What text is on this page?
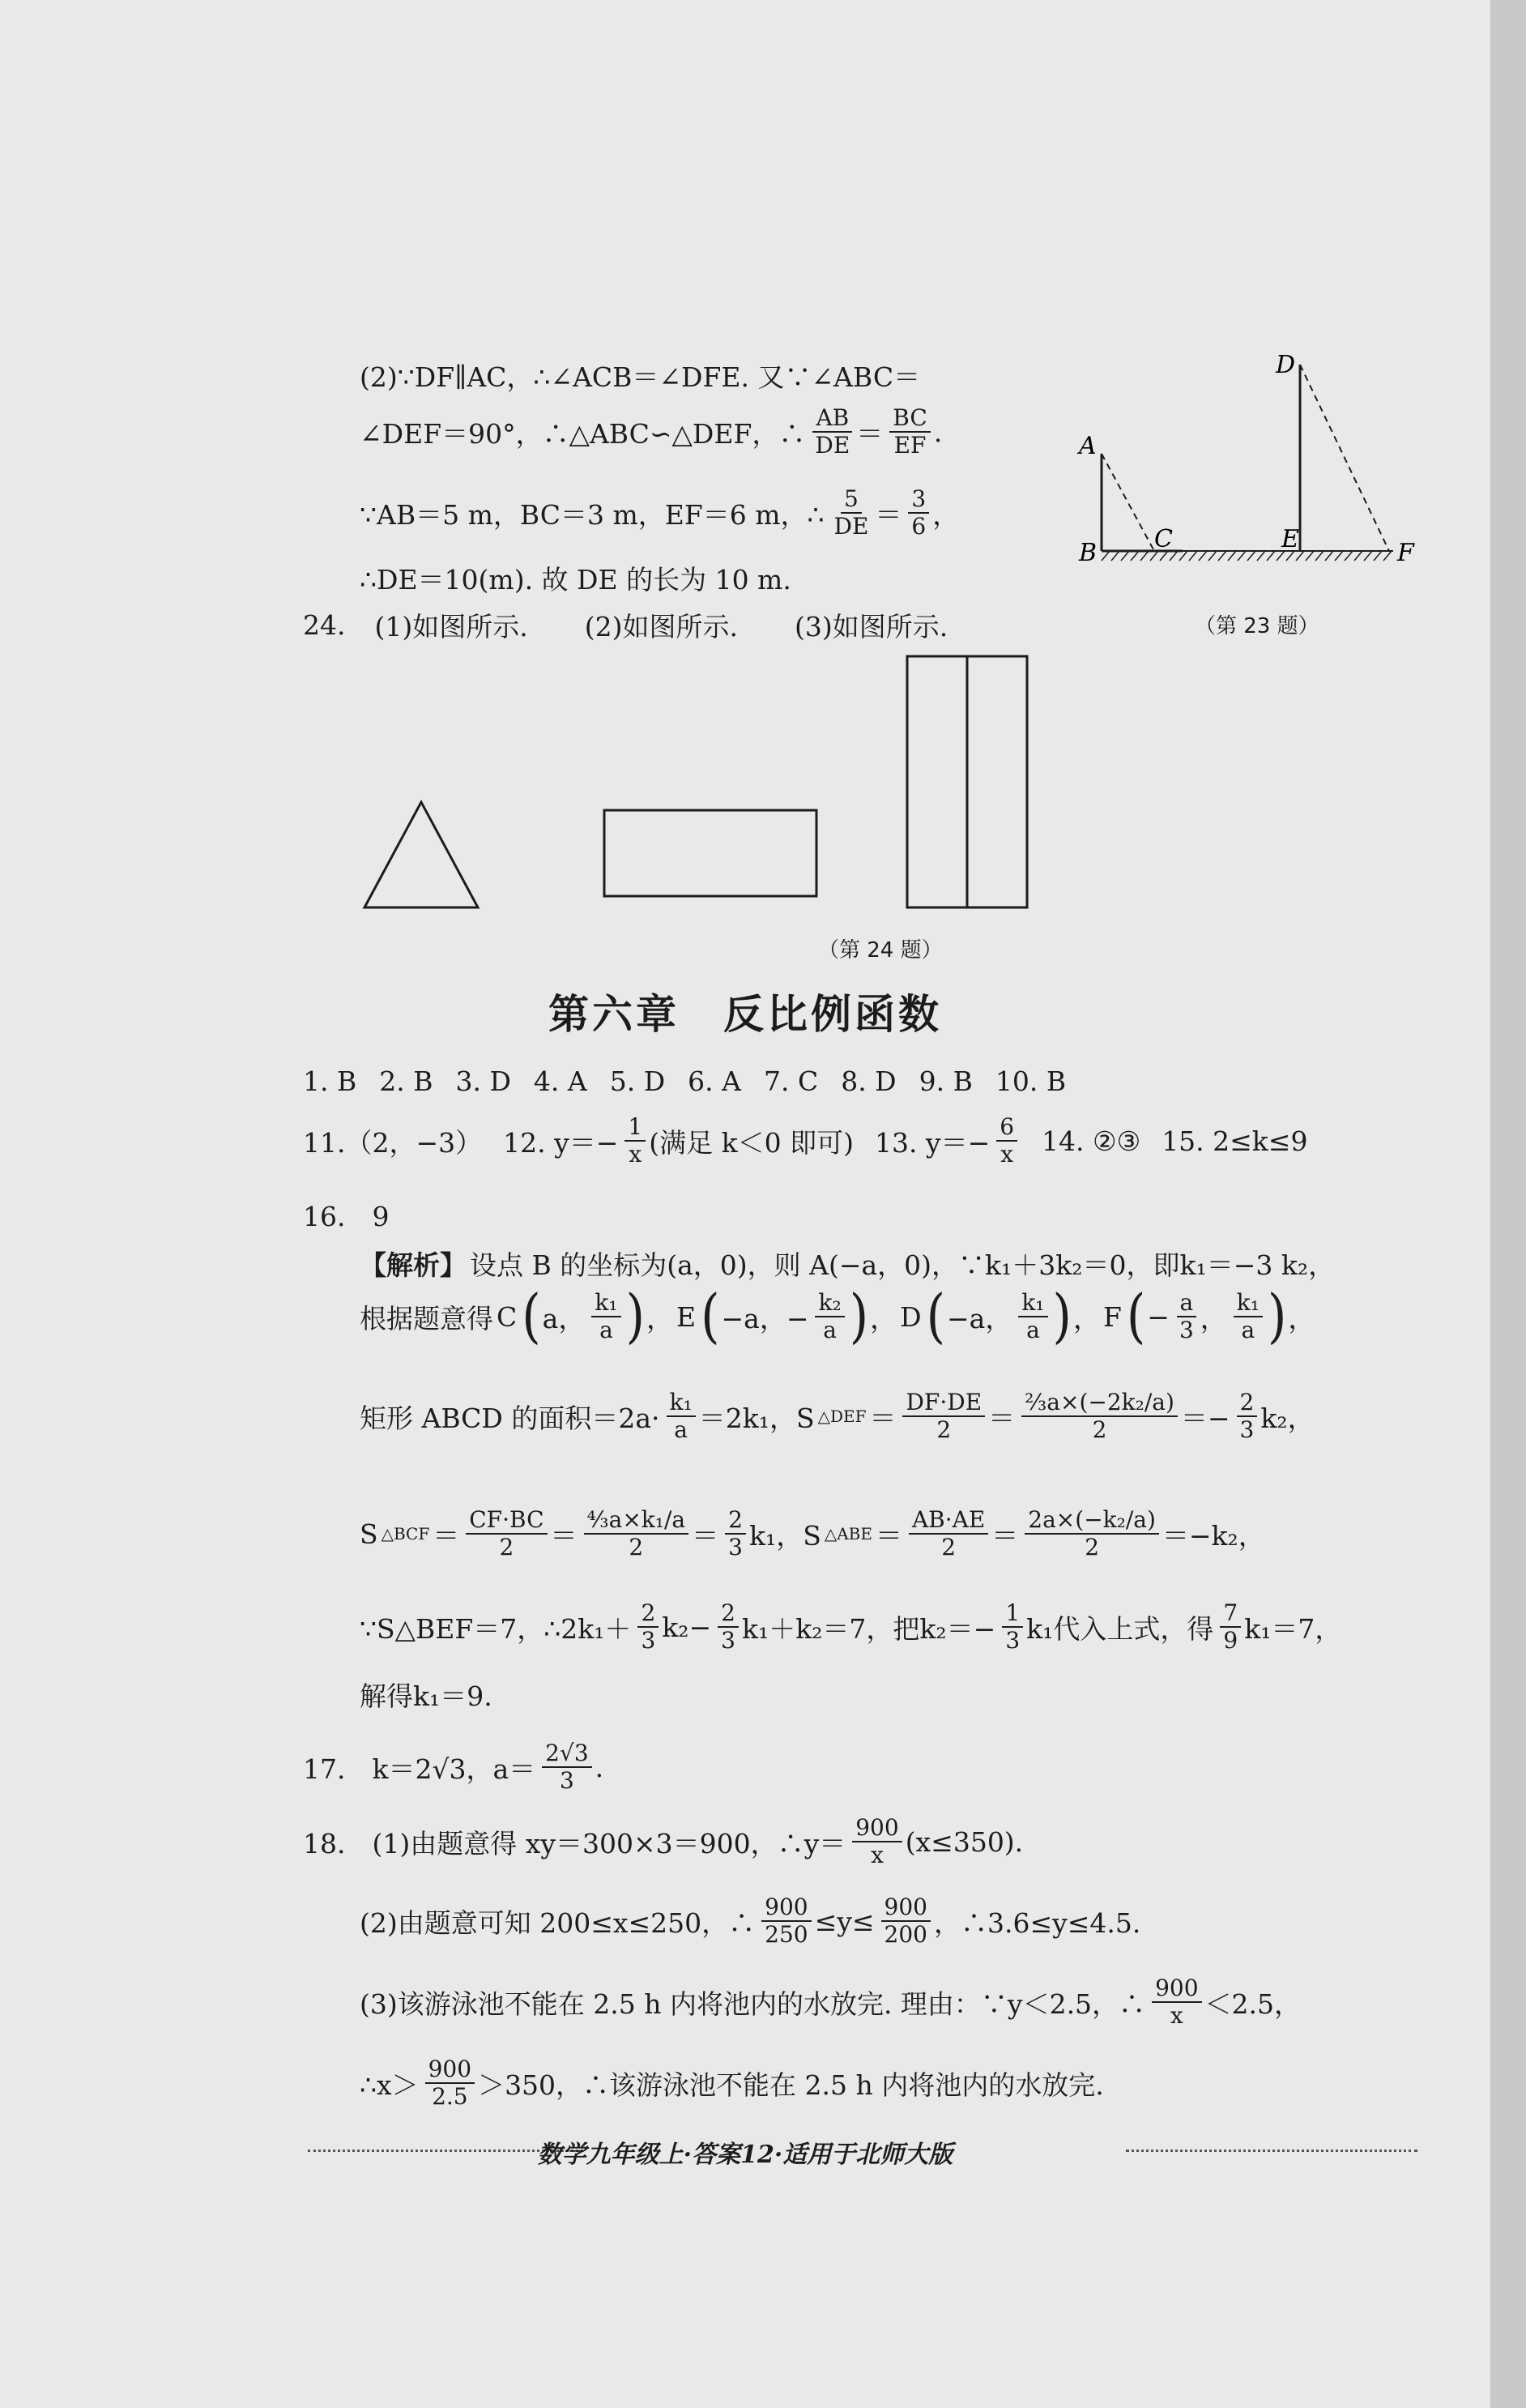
(2)∵DF∥AC，∴∠ACB＝∠DFE. 又∵∠ABC＝
∠DEF＝90°，∴△ABC∽△DEF，∴ $\frac{AB}{DE} = \frac{BC}{EF}$ .
∵AB＝5 m，BC＝3 m，EF＝6 m，∴ $\frac{5}{DE} = \frac{3}{6}$ ，
∴DE＝10(m). 故 DE 的长为 10 m.
A
B C
D
E	F
（第 23 题）
24. (1)如图所示. (2)如图所示. (3)如图所示.
（第 24 题）
第六章　反比例函数
1. B 2. B 3. D 4. A 5. D 6. A 7. C 8. D 9. B 10. B
11.（2，−3） 12. $y=- \frac{1}{x}$ (满足 k＜0 即可) 13. $y=- \frac{6}{x} 14$. ②③ 15. 2≤k≤9
16.　9
【解析】 设点 B 的坐标为(a，0)，则 A(−a，0)，∵k₁＋3k₂＝0，即k₁＝−3 k₂，
根据题意得 C ( a， $\frac{\text{k₁}}{a}$ ) ， E ( −a，− $\frac{\text{k₂}}{a}$ ) ， D ( −a， $\frac{\text{k₁}}{a}$ ) ， F ( − $\frac{a}{3}$ ， $\frac{\text{k₁}}{a}$ ) ，
矩形 ABCD 的面积$=2a\cdot \frac{\text{k₁}}{a} =2k_1$，S △DEF ＝ $\frac{DF\cdot DE}{2} = \frac{\text{⅔a×(−2k₂/a)}}{2} =- \frac{2}{3} k_2$，
S △BCF ＝ $\frac{CF\cdot BC}{2} = \frac{\text{⁴⁄₃a×k₁/a}}{2} = \frac{2}{3} k_1$，S △ABE ＝ $\frac{AB\cdot AE}{2} = \frac{\text{2a×(−k₂/a)}}{2} =-k_2$，
∵S△BEF＝7，∴2k₁＋ $\frac{2}{3} k_2- \frac{2}{3} k_1+k_2=7$，把$k_2=- \frac{1}{3} k_1$代入上式，得 $\frac{7}{9} k_1=7$，
解得k₁＝9.
17.　k＝2√3，$a= \frac{2√3}{3}$ .
18.　(1)由题意得 xy＝300×3＝900，∴y＝ $\frac{900}{x} (x\le 350)$.
(2)由题意可知 200≤x≤250，∴ $\frac{900}{250} \le y\le \frac{900}{200}$ ，∴3.6≤y≤4.5.
(3)该游泳池不能在 2.5 h 内将池内的水放完. 理由：∵y＜2.5，∴ $\frac{900}{x} <2.5$，
∴x＞ $\frac{900}{2.5} >350$，∴该游泳池不能在 2.5 h 内将池内的水放完.
数学九年级上·答案12·适用于北师大版
